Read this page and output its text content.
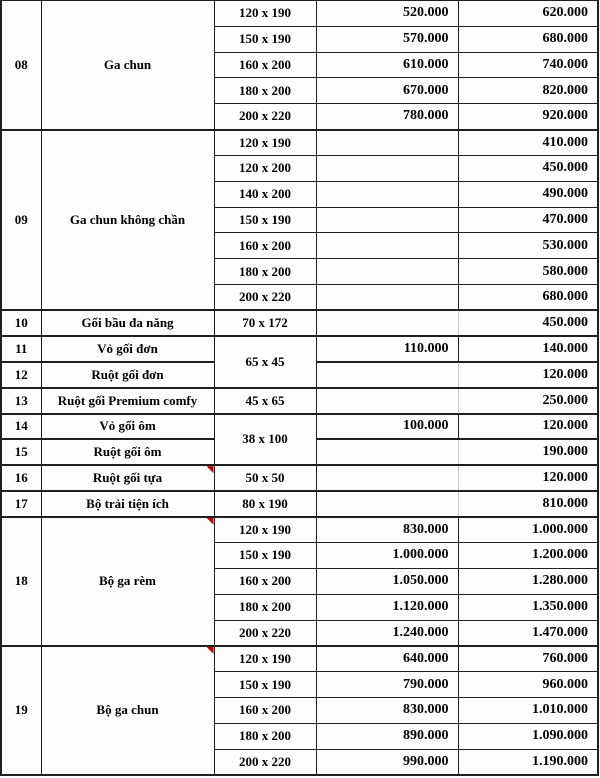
08	Ga chun	120 x 190	520.000	620.000
		150 x 190	570.000	680.000
		160 x 200	610.000	740.000
		180 x 200	670.000	820.000
		200 x 220	780.000	920.000
09	Ga chun không chần	120 x 190		410.000
		120 x 200		450.000
		140 x 200		490.000
		150 x 190		470.000
		160 x 200		530.000
		180 x 200		580.000
		200 x 220		680.000
10	Gối bầu đa năng	70 x 172		450.000
11	Vỏ gối đơn	65 x 45	110.000	140.000
12	Ruột gối đơn			120.000
13	Ruột gối Premium comfy	45 x 65		250.000
14	Vỏ gối ôm	38 x 100	100.000	120.000
15	Ruột gối ôm			190.000
16	Ruột gối tựa	50 x 50		120.000
17	Bộ trải tiện ích	80 x 190		810.000
18	Bộ ga rèm	120 x 190	830.000	1.000.000
		150 x 190	1.000.000	1.200.000
		160 x 200	1.050.000	1.280.000
		180 x 200	1.120.000	1.350.000
		200 x 220	1.240.000	1.470.000
19	Bộ ga chun	120 x 190	640.000	760.000
		150 x 190	790.000	960.000
		160 x 200	830.000	1.010.000
		180 x 200	890.000	1.090.000
		200 x 220	990.000	1.190.000
